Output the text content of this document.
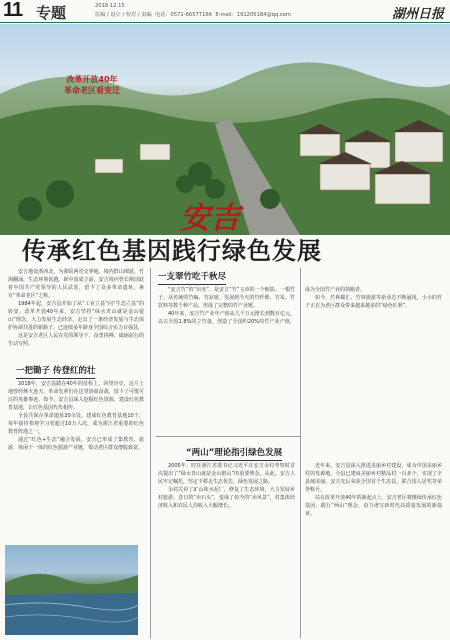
11 专题	2018.12.15
监编 / 设计 / 校对 / 责编 电话：0571-66577166 E-mail：191205184@qq.com	湖州日报
改革开放40年
革命老区看变迁
安吉
传承红色基因践行绿色发展

安吉地处浙西北，为浙皖两省交界地，境内群山绵延，竹海翻涌，生态环境优越。新中国成立前，安吉境内曾长期活跃着中国共产党领导的人民武装，留下了众多革命遗址，素有“革命老区”之称。

1984年起，安吉县开始了从“工业立县”向“生态立县”的转变。改革开放40年来，安吉坚持“绿水青山就是金山银山”理念，大力发展生态经济，走出了一条经济发展与生态保护协调共进的新路子，已连续多年跻身全国综合实力百强县。

这是安吉老区人民在党的领导下，奋勇拼搏、砥砺前行的生动写照。

一把锄子 传登红的壮

2018年，安吉县踏在40年的征程上。回望历史，这片土地曾经烽火连天，革命先辈们在这里浴血奋战，留下了可歌可泣的英雄事迹。如今，安吉县深入挖掘红色资源，建设红色教育基地，让红色基因代代相传。

全县共保存革命遗址20余处，建成红色教育基地10个，每年接待参观学习者超过10万人次，成为浙江省重要的红色教育阵地之一。

通过“红色+生态”融合发展，安吉已形成了集教育、旅游、休闲于一体的红色旅游产业链，带动老区群众增收致富。

一支翠竹吃千秋尽

“安吉竹”的“出名”，是安吉“竹”文章的一个缩影。一根竹子，从传统的竹编、竹凉席，发展到今天的竹纤维、竹炭、竹饮料等数千种产品，形成了完整的竹产业链。

40年来，安吉竹产业年产值从几千万元增长到数百亿元，以占全国1.8%的立竹量，创造了全国约20%的竹产业产值，成为全国竹产业的领跑者。

如今，竹林碳汇、竹林旅游等新业态不断涌现，小小的竹子正在为老区群众带来越来越多的“绿色红利”。

“两山”理论指引绿色发展

2005年，时任浙江省委书记习近平在安吉余村考察时首次提出了“绿水青山就是金山银山”的重要理念。从此，安吉人民牢记嘱托，坚定不移走生态优先、绿色发展之路。

余村关停了矿山和水泥厂，修复了生态环境，大力发展乡村旅游。昔日的“卖石头”，变成了如今的“卖风景”，村集体经济收入和农民人均收入大幅增长。

近年来，安吉县深入推进美丽乡村建设，成为中国美丽乡村的发源地。全县已建成美丽乡村精品村一百多个，实现了全县域美丽。安吉先后荣获全国首个生态县、联合国人居奖等荣誉称号。

站在改革开放40年的新起点上，安吉老区将继续传承红色基因，践行“两山”理念，奋力谱写新时代高质量发展的新篇章。
